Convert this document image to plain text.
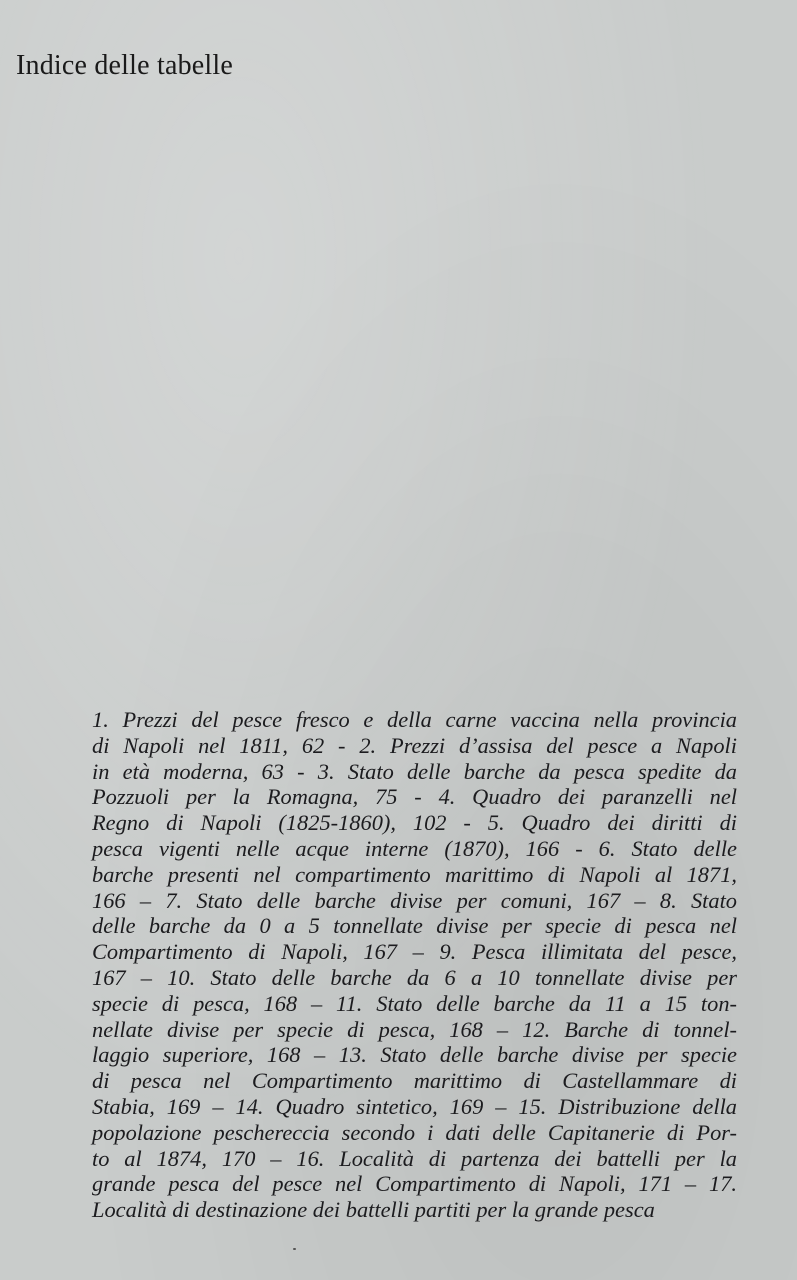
Indice delle tabelle
1. Prezzi del pesce fresco e della carne vaccina nella provincia
di Napoli nel 1811, 62 - 2. Prezzi d’assisa del pesce a Napoli
in età moderna, 63 - 3. Stato delle barche da pesca spedite da
Pozzuoli per la Romagna, 75 - 4. Quadro dei paranzelli nel
Regno di Napoli (1825-1860), 102 - 5. Quadro dei diritti di
pesca vigenti nelle acque interne (1870), 166 - 6. Stato delle
barche presenti nel compartimento marittimo di Napoli al 1871,
166 – 7. Stato delle barche divise per comuni, 167 – 8. Stato
delle barche da 0 a 5 tonnellate divise per specie di pesca nel
Compartimento di Napoli, 167 – 9. Pesca illimitata del pesce,
167 – 10. Stato delle barche da 6 a 10 tonnellate divise per
specie di pesca, 168 – 11. Stato delle barche da 11 a 15 ton-
nellate divise per specie di pesca, 168 – 12. Barche di tonnel-
laggio superiore, 168 – 13. Stato delle barche divise per specie
di pesca nel Compartimento marittimo di Castellammare di
Stabia, 169 – 14. Quadro sintetico, 169 – 15. Distribuzione della
popolazione peschereccia secondo i dati delle Capitanerie di Por-
to al 1874, 170 – 16. Località di partenza dei battelli per la
grande pesca del pesce nel Compartimento di Napoli, 171 – 17.
Località di destinazione dei battelli partiti per la grande pesca
